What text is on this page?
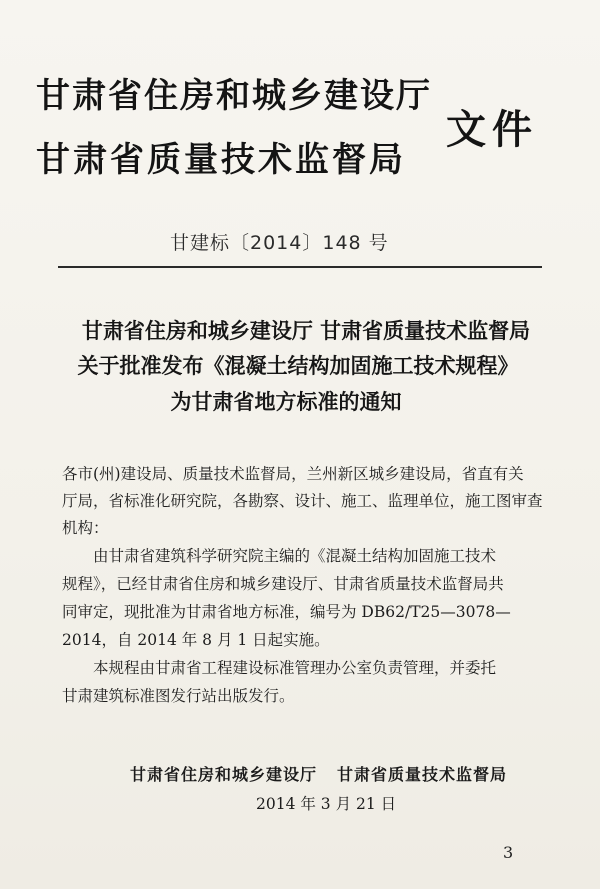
甘肃省住房和城乡建设厅
甘肃省质量技术监督局
文件
甘建标〔2014〕148 号
甘肃省住房和城乡建设厅 甘肃省质量技术监督局
关于批准发布《混凝土结构加固施工技术规程》
为甘肃省地方标准的通知
各市(州)建设局、质量技术监督局，兰州新区城乡建设局，省直有关
厅局，省标准化研究院，各勘察、设计、施工、监理单位，施工图审查
机构：
　　由甘肃省建筑科学研究院主编的《混凝土结构加固施工技术
规程》，已经甘肃省住房和城乡建设厅、甘肃省质量技术监督局共
同审定，现批准为甘肃省地方标准，编号为 DB62/T25—3078—
2014，自 2014 年 8 月 1 日起实施。
　　本规程由甘肃省工程建设标准管理办公室负责管理，并委托
甘肃建筑标准图发行站出版发行。
甘肃省住房和城乡建设厅 甘肃省质量技术监督局
2014 年 3 月 21 日
3
